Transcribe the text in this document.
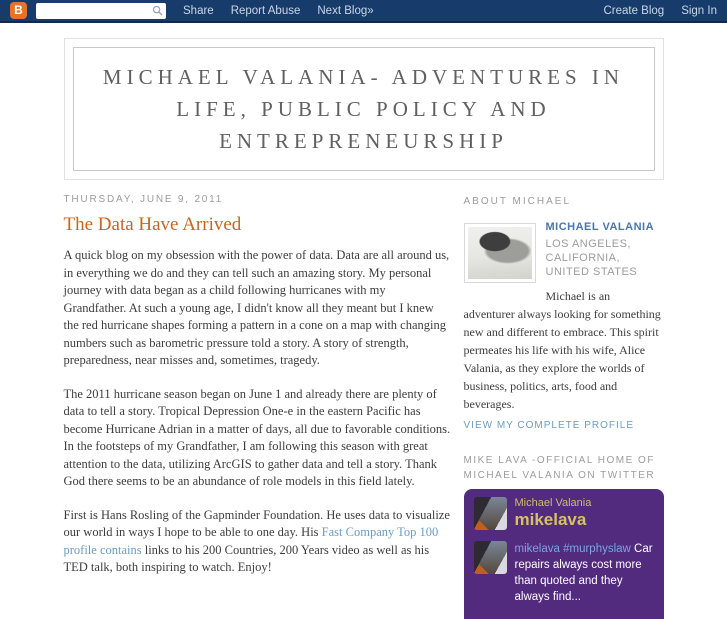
B	Share Report Abuse Next Blog»	Create Blog Sign In
MICHAEL VALANIA- ADVENTURES IN LIFE, PUBLIC POLICY AND ENTREPRENEURSHIP
THURSDAY, JUNE 9, 2011
The Data Have Arrived

A quick blog on my obsession with the power of data. Data are all around us, in everything we do and they can tell such an amazing story. My personal journey with data began as a child following hurricanes with my Grandfather. At such a young age, I didn't know all they meant but I knew the red hurricane shapes forming a pattern in a cone on a map with changing numbers such as barometric pressure told a story. A story of strength, preparedness, near misses and, sometimes, tragedy.

The 2011 hurricane season began on June 1 and already there are plenty of data to tell a story. Tropical Depression One-e in the eastern Pacific has become Hurricane Adrian in a matter of days, all due to favorable conditions. In the footsteps of my Grandfather, I am following this season with great attention to the data, utilizing ArcGIS to gather data and tell a story. Thank God there seems to be an abundance of role models in this field lately.

First is Hans Rosling of the Gapminder Foundation. He uses data to visualize our world in ways I hope to be able to one day. His Fast Company Top 100 profile contains links to his 200 Countries, 200 Years video as well as his TED talk, both inspiring to watch. Enjoy!

ABOUT MICHAEL
MICHAEL VALANIA
LOS ANGELES, CALIFORNIA, UNITED STATES

Michael is an adventurer always looking for something new and different to embrace. This spirit permeates his life with his wife, Alice Valania, as they explore the worlds of business, politics, arts, food and beverages.

VIEW MY COMPLETE PROFILE
MIKE LAVA -OFFICIAL HOME OF MICHAEL VALANIA ON TWITTER
Michael Valania
mikelava
mikelava #murphyslaw Car repairs always cost more than quoted and they always find...
